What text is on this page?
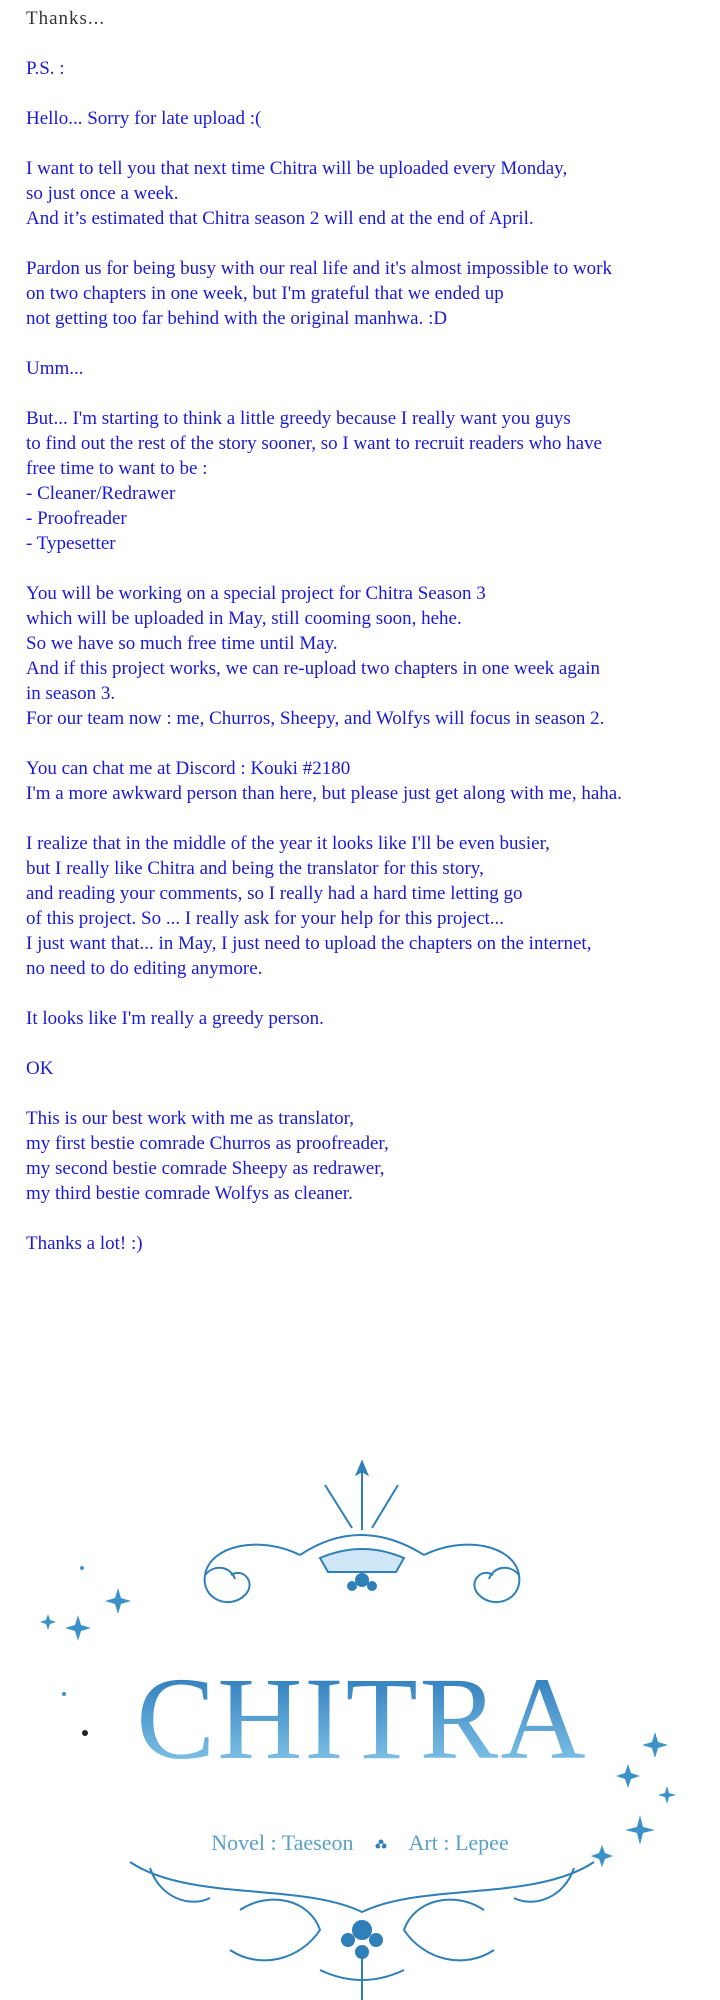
Thanks...

P.S. :

Hello... Sorry for late upload :(

I want to tell you that next time Chitra will be uploaded every Monday,
so just once a week.
And it’s estimated that Chitra season 2 will end at the end of April.

Pardon us for being busy with our real life and it's almost impossible to work
on two chapters in one week, but I'm grateful that we ended up
not getting too far behind with the original manhwa. :D

Umm...

But... I'm starting to think a little greedy because I really want you guys
to find out the rest of the story sooner, so I want to recruit readers who have
free time to want to be :
- Cleaner/Redrawer
- Proofreader
- Typesetter

You will be working on a special project for Chitra Season 3
which will be uploaded in May, still cooming soon, hehe.
So we have so much free time until May.
And if this project works, we can re-upload two chapters in one week again
in season 3.
For our team now : me, Churros, Sheepy, and Wolfys will focus in season 2.

You can chat me at Discord : Kouki #2180
I'm a more awkward person than here, but please just get along with me, haha.

I realize that in the middle of the year it looks like I'll be even busier,
but I really like Chitra and being the translator for this story,
and reading your comments, so I really had a hard time letting go
of this project. So ... I really ask for your help for this project...
I just want that... in May, I just need to upload the chapters on the internet,
no need to do editing anymore.

It looks like I'm really a greedy person.

OK

This is our best work with me as translator,
my first bestie comrade Churros as proofreader,
my second bestie comrade Sheepy as redrawer,
my third bestie comrade Wolfys as cleaner.

Thanks a lot! :)

CHITRA
Novel : Taeseon	Art : Lepee
